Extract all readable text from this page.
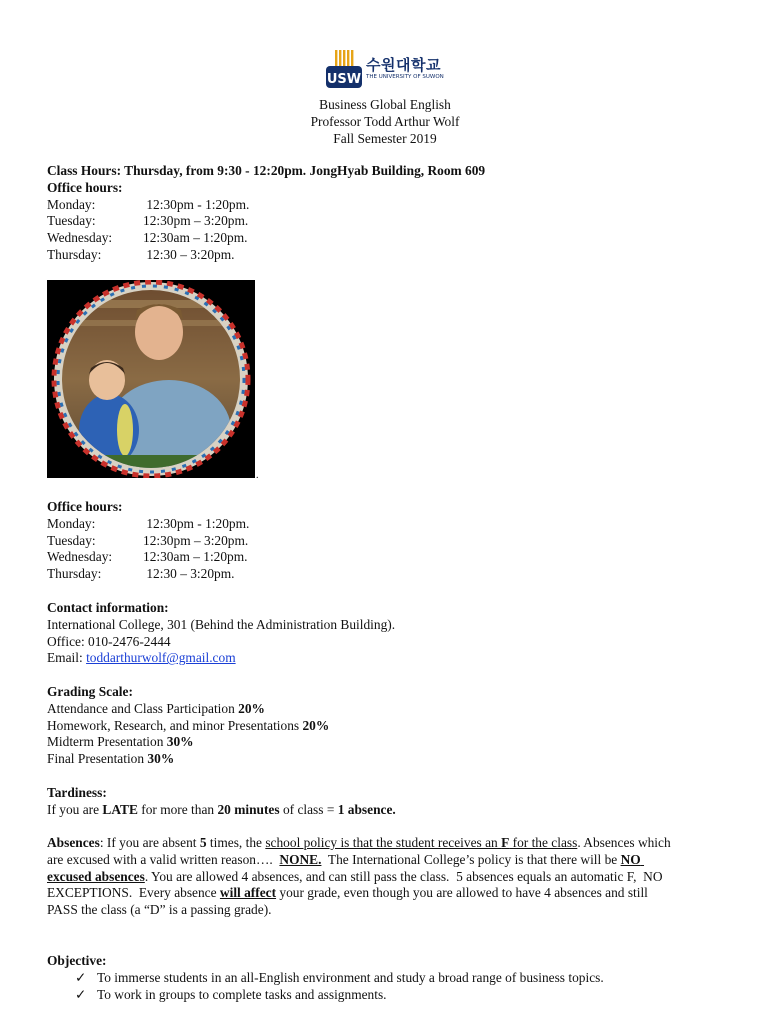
USW
수원대학교
THE UNIVERSITY OF SUWON
Business Global English
Professor Todd Arthur Wolf
Fall Semester 2019
Class Hours: Thursday, from 9:30 - 12:20pm. JongHyab Building, Room 609
Office hours:
Monday:	12:30pm - 1:20pm.
Tuesday:	12:30pm – 3:20pm.
Wednesday:	12:30am – 1:20pm.
Thursday:	12:30 – 3:20pm.
.
Office hours:
Monday:	12:30pm - 1:20pm.
Tuesday:	12:30pm – 3:20pm.
Wednesday:	12:30am – 1:20pm.
Thursday:	12:30 – 3:20pm.
Contact information:
International College, 301 (Behind the Administration Building).
Office: 010-2476-2444
Email: toddarthurwolf@gmail.com
Grading Scale:
Attendance and Class Participation 20%
Homework, Research, and minor Presentations 20%
Midterm Presentation 30%
Final Presentation 30%
Tardiness:
If you are LATE for more than 20 minutes of class = 1 absence.

Absences: If you are absent 5 times, the school policy is that the student receives an F for the class. Absences which are excused with a valid written reason….  NONE.  The International College’s policy is that there will be NO excused absences. You are allowed 4 absences, and can still pass the class.  5 absences equals an automatic F,  NO EXCEPTIONS.  Every absence will affect your grade, even though you are allowed to have 4 absences and still PASS the class (a “D” is a passing grade).

Objective:
✓ To immerse students in an all-English environment and study a broad range of business topics.
✓ To work in groups to complete tasks and assignments.
